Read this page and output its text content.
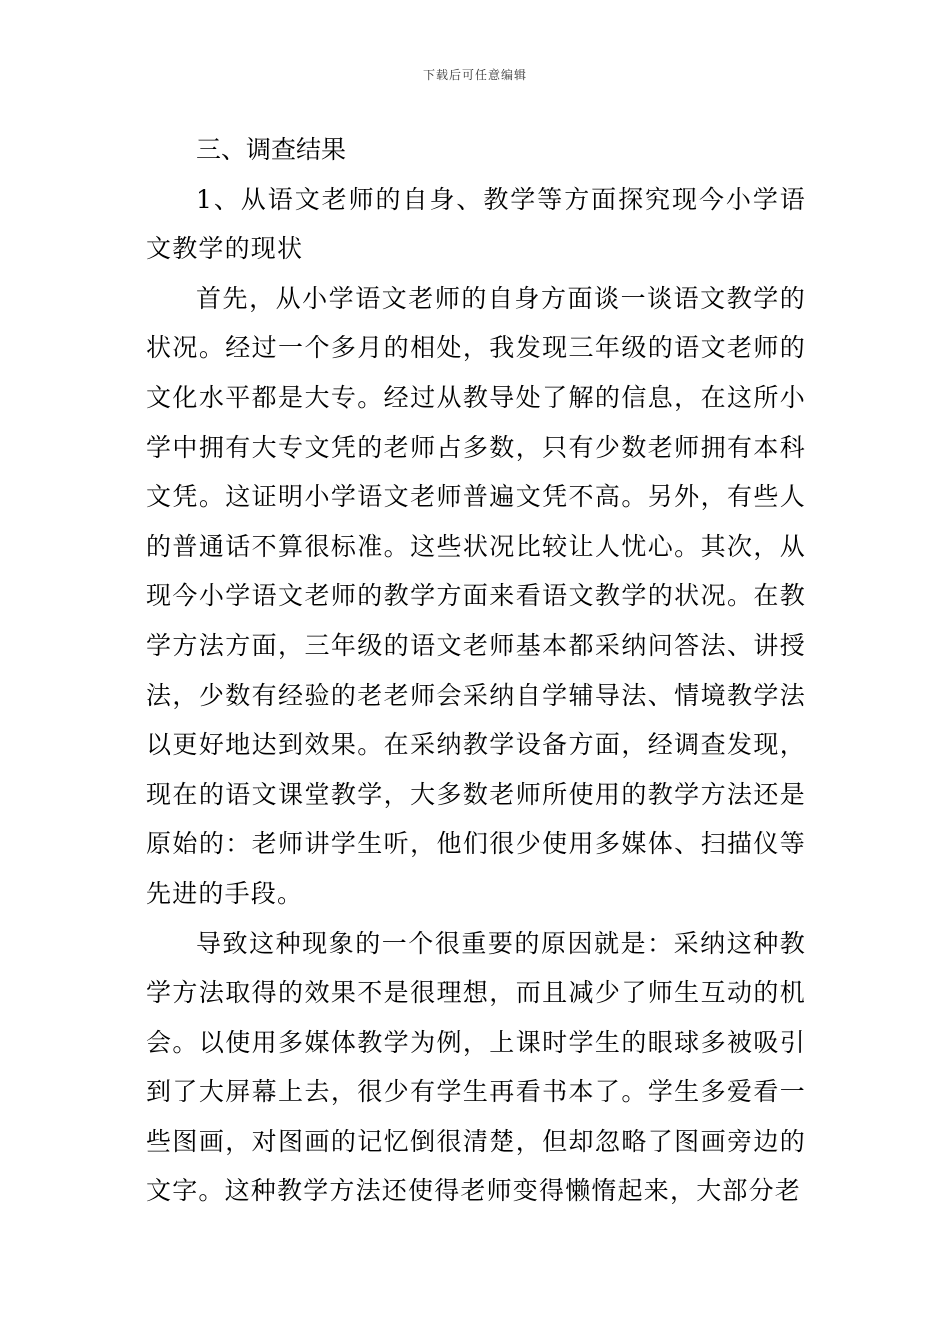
下载后可任意编辑
三、调查结果

1、从语文老师的自身、教学等方面探究现今小学语文教学的现状

首先，从小学语文老师的自身方面谈一谈语文教学的状况。经过一个多月的相处，我发现三年级的语文老师的文化水平都是大专。经过从教导处了解的信息，在这所小学中拥有大专文凭的老师占多数，只有少数老师拥有本科文凭。这证明小学语文老师普遍文凭不高。另外，有些人的普通话不算很标准。这些状况比较让人忧心。其次，从现今小学语文老师的教学方面来看语文教学的状况。在教学方法方面，三年级的语文老师基本都采纳问答法、讲授法，少数有经验的老老师会采纳自学辅导法、情境教学法以更好地达到效果。在采纳教学设备方面，经调查发现，现在的语文课堂教学，大多数老师所使用的教学方法还是原始的：老师讲学生听，他们很少使用多媒体、扫描仪等先进的手段。

导致这种现象的一个很重要的原因就是：采纳这种教学方法取得的效果不是很理想，而且减少了师生互动的机会。以使用多媒体教学为例，上课时学生的眼球多被吸引到了大屏幕上去，很少有学生再看书本了。学生多爱看一些图画，对图画的记忆倒很清楚，但却忽略了图画旁边的文字。这种教学方法还使得老师变得懒惰起来，大部分老
